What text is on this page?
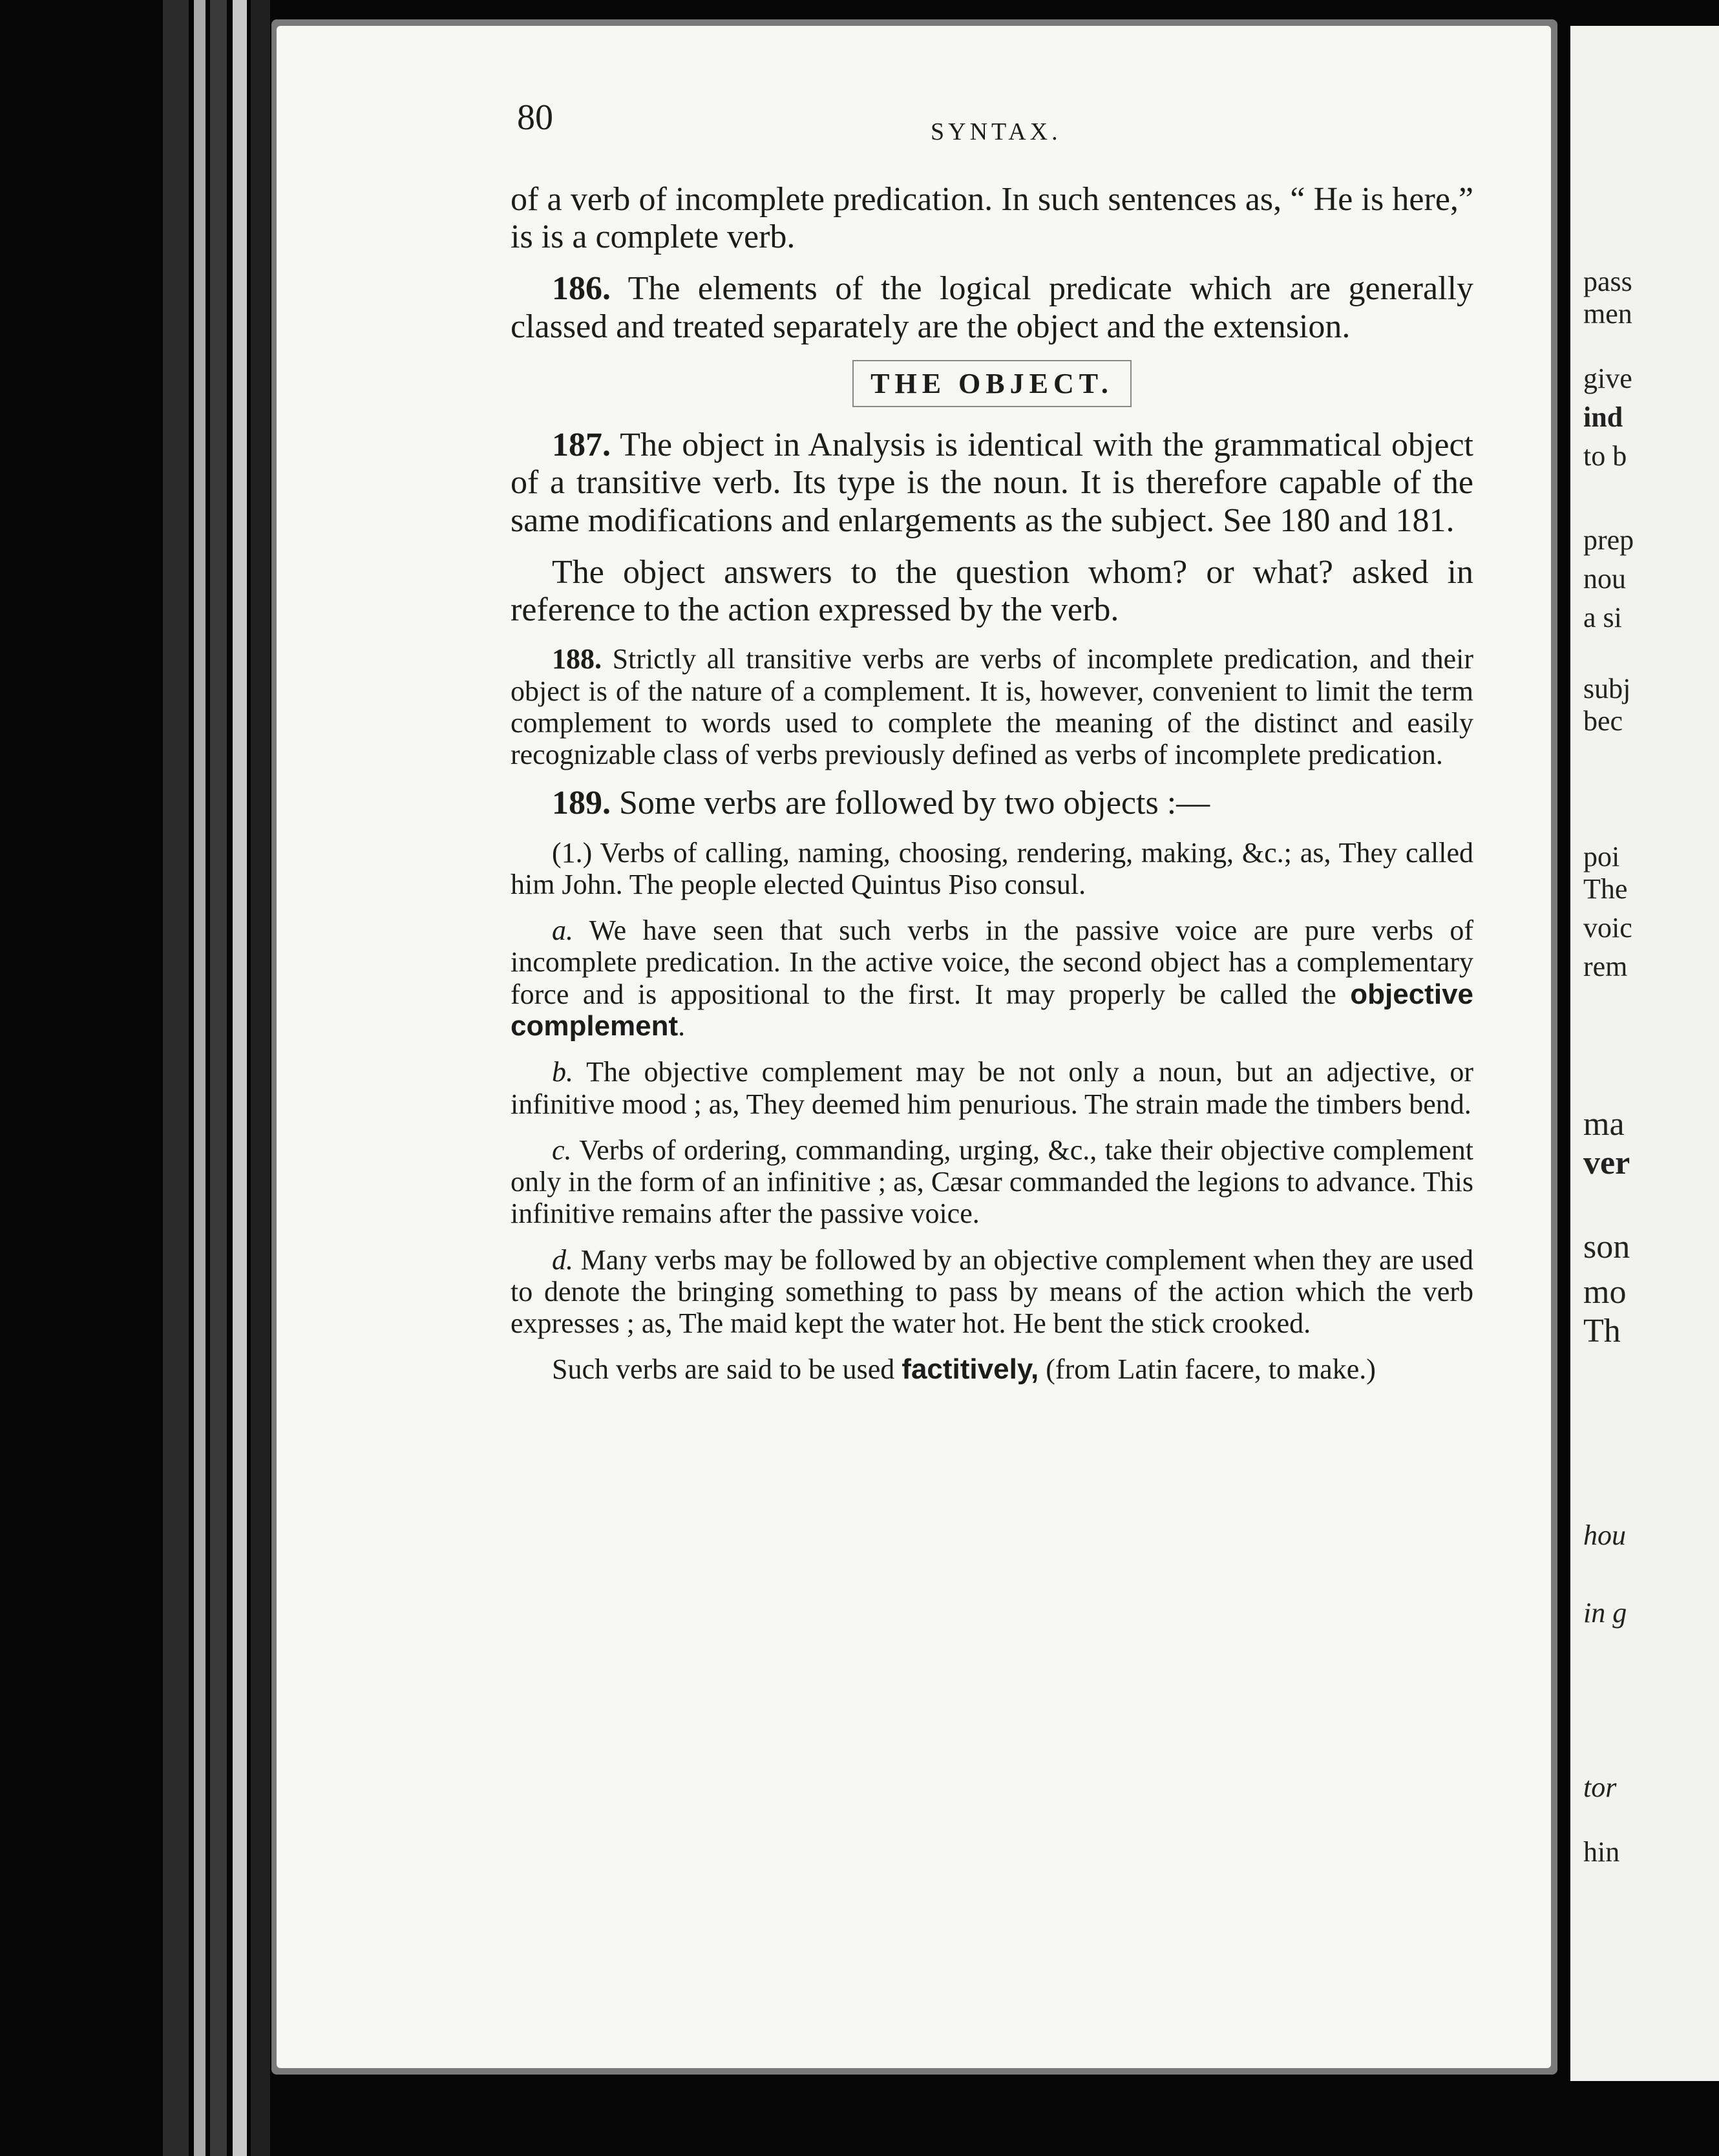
pass
men
give
ind
to b
prep
nou
a si
subj
bec
poi
The
voic
rem
ma
ver
son
mo
Th
hou
in g
tor
hin
80	SYNTAX.

of a verb of incomplete predication. In such sentences as, “ He is here,” is is a complete verb.

186. The elements of the logical predicate which are generally classed and treated separately are the object and the extension.

THE OBJECT.

187. The object in Analysis is identical with the grammatical object of a transitive verb. Its type is the noun. It is therefore capable of the same modifications and enlargements as the subject. See 180 and 181.

The object answers to the question whom? or what? asked in reference to the action expressed by the verb.

188. Strictly all transitive verbs are verbs of incomplete predication, and their object is of the nature of a complement. It is, however, convenient to limit the term complement to words used to complete the meaning of the distinct and easily recognizable class of verbs previously defined as verbs of incomplete predication.

189. Some verbs are followed by two objects :—

(1.) Verbs of calling, naming, choosing, rendering, making, &c.; as, They called him John. The people elected Quintus Piso consul.

a. We have seen that such verbs in the passive voice are pure verbs of incomplete predication. In the active voice, the second object has a complementary force and is appositional to the first. It may properly be called the objective complement.

b. The objective complement may be not only a noun, but an adjective, or infinitive mood ; as, They deemed him penurious. The strain made the timbers bend.

c. Verbs of ordering, commanding, urging, &c., take their objective complement only in the form of an infinitive ; as, Cæsar commanded the legions to advance. This infinitive remains after the passive voice.

d. Many verbs may be followed by an objective complement when they are used to denote the bringing something to pass by means of the action which the verb expresses ; as, The maid kept the water hot. He bent the stick crooked.

Such verbs are said to be used factitively, (from Latin facere, to make.)
